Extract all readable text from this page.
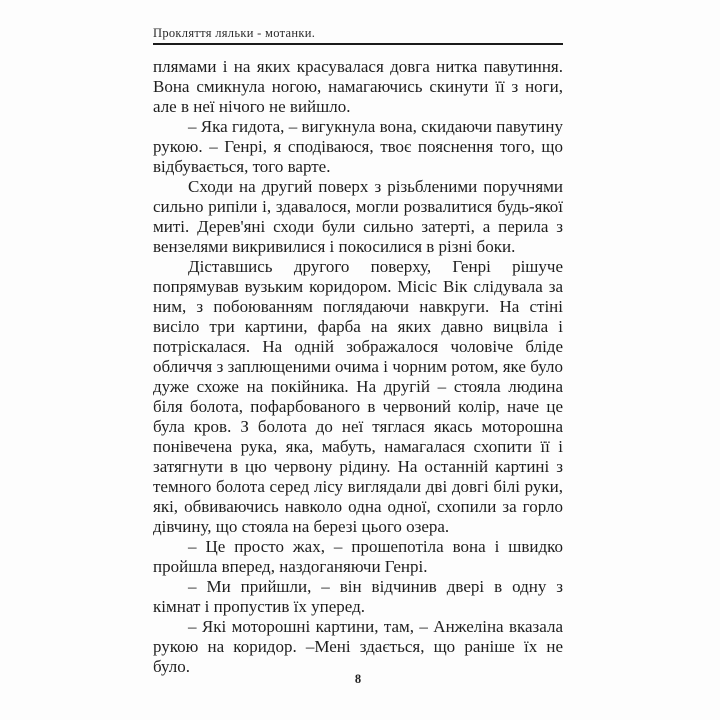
Прокляття ляльки - мотанки.

плямами і на яких красувалася довга нитка павутиння. Вона смикнула ногою, намагаючись скинути її з ноги, але в неї нічого не вийшло.

– Яка гидота, – вигукнула вона, скидаючи павутину рукою. – Генрі, я сподіваюся, твоє пояснення того, що відбувається, того варте.

Сходи на другий поверх з різьбленими поручнями сильно рипіли і, здавалося, могли розвалитися будь-якої миті. Дерев'яні сходи були сильно затерті, а перила з вензелями викривилися і покосилися в різні боки.

Діставшись другого поверху, Генрі рішуче попрямував вузьким коридором. Місіс Вік слідувала за ним, з побоюванням поглядаючи навкруги. На стіні висіло три картини, фарба на яких давно вицвіла і потріскалася. На одній зображалося чоловіче бліде обличчя з заплющеними очима і чорним ротом, яке було дуже схоже на покійника. На другій – стояла людина біля болота, пофарбованого в червоний колір, наче це була кров. З болота до неї тяглася якась моторошна понівечена рука, яка, мабуть, намагалася схопити її і затягнути в цю червону рідину. На останній картині з темного болота серед лісу виглядали дві довгі білі руки, які, обвиваючись навколо одна одної, схопили за горло дівчину, що стояла на березі цього озера.

– Це просто жах, – прошепотіла вона і швидко пройшла вперед, наздоганяючи Генрі.

– Ми прийшли, – він відчинив двері в одну з кімнат і пропустив їх уперед.

– Які моторошні картини, там, – Анжеліна вказала рукою на коридор. –Мені здається, що раніше їх не було.

8
